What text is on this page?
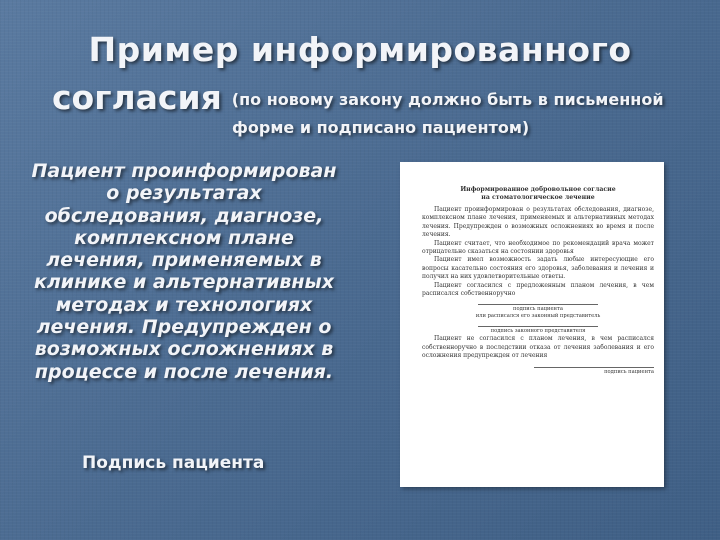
Пример информированного
согласия $^{(по новому закону должно быть в письменной}$
форме и подписано пациентом)
Пациент проинформирован о результатах обследования, диагнозе, комплексном плане лечения, применяемых в клинике и альтернативных методах и технологиях лечения. Предупрежден о возможных осложнениях в процессе и после лечения.
Подпись пациента
Информированное добровольное согласие
на стоматологическое лечение
Пациент проинформирован о результатах обследования, диагнозе, комплексном плане лечения, применяемых и альтернативных методах лечения. Предупрежден о возможных осложнениях во время и после лечения.
Пациент считает, что необходимое по рекомендаций врача может отрицательно сказаться на состоянии здоровья
Пациент имел возможность задать любые интересующие его вопросы касательно состояния его здоровья, заболевания и лечения и получил на них удовлетворительные ответы.
Пациент согласился с предложенным планом лечения, в чем расписался собственноручно
подпись пациента
или расписался его законный представитель
подпись законного представителя
Пациент не согласился с планом лечения, в чем расписался собственноручно в последствии отказа от лечения заболевания и его осложнения предупрежден от лечения
подпись пациента
